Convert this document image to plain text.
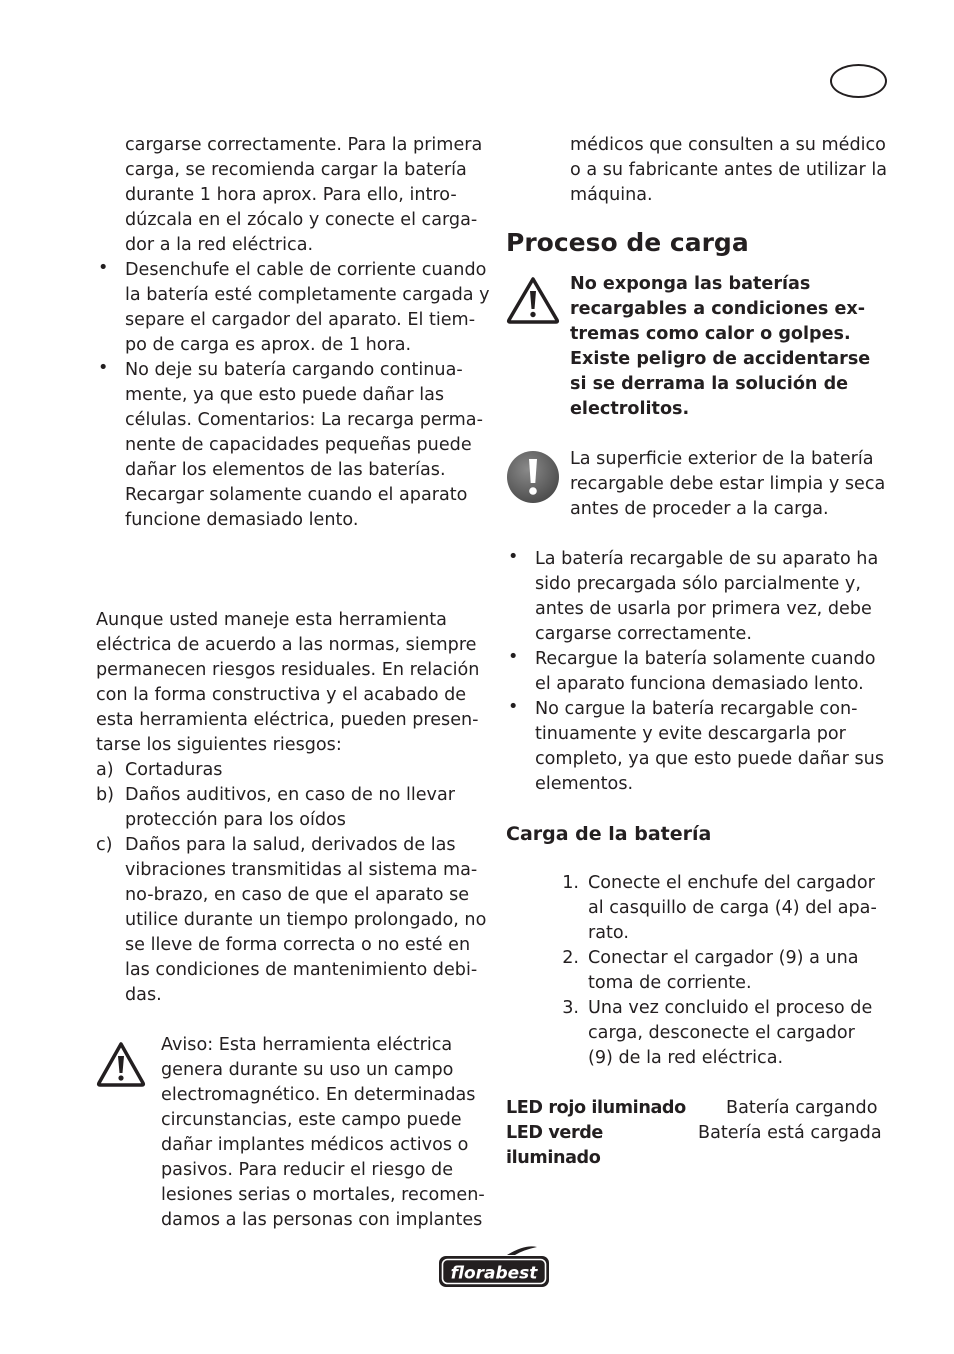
cargarse correctamente. Para la primera
carga, se recomienda cargar la batería
durante 1 hora aprox. Para ello, intro-
dúzcala en el zócalo y conecte el carga-
dor a la red eléctrica.
• Desenchufe el cable de corriente cuando
la batería esté completamente cargada y
separe el cargador del aparato. El tiem-
po de carga es aprox. de 1 hora.
• No deje su batería cargando continua-
mente, ya que esto puede dañar las
células. Comentarios: La recarga perma-
nente de capacidades pequeñas puede
dañar los elementos de las baterías.
Recargar solamente cuando el aparato
funcione demasiado lento.
Aunque usted maneje esta herramienta
eléctrica de acuerdo a las normas, siempre
permanecen riesgos residuales. En relación
con la forma constructiva y el acabado de
esta herramienta eléctrica, pueden presen-
tarse los siguientes riesgos:
a) Cortaduras
b) Daños auditivos, en caso de no llevar
protección para los oídos
c) Daños para la salud, derivados de las
vibraciones transmitidas al sistema ma-
no-brazo, en caso de que el aparato se
utilice durante un tiempo prolongado, no
se lleve de forma correcta o no esté en
las condiciones de mantenimiento debi-
das.
Aviso: Esta herramienta eléctrica
genera durante su uso un campo
electromagnético. En determinadas
circunstancias, este campo puede
dañar implantes médicos activos o
pasivos. Para reducir el riesgo de
lesiones serias o mortales, recomen-
damos a las personas con implantes
médicos que consulten a su médico
o a su fabricante antes de utilizar la
máquina.
Proceso de carga
No exponga las baterías
recargables a condiciones ex-
tremas como calor o golpes.
Existe peligro de accidentarse
si se derrama la solución de
electrolitos.
La superficie exterior de la batería
recargable debe estar limpia y seca
antes de proceder a la carga.
• La batería recargable de su aparato ha
sido precargada sólo parcialmente y,
antes de usarla por primera vez, debe
cargarse correctamente.
• Recargue la batería solamente cuando
el aparato funciona demasiado lento.
• No cargue la batería recargable con-
tinuamente y evite descargarla por
completo, ya que esto puede dañar sus
elementos.
Carga de la batería
1. Conecte el enchufe del cargador
al casquillo de carga (4) del apa-
rato.
2. Conectar el cargador (9) a una
toma de corriente.
3. Una vez concluido el proceso de
carga, desconecte el cargador
(9) de la red eléctrica.
LED rojo iluminado	Batería cargando
LED verde iluminado
Batería está cargada
florabest
